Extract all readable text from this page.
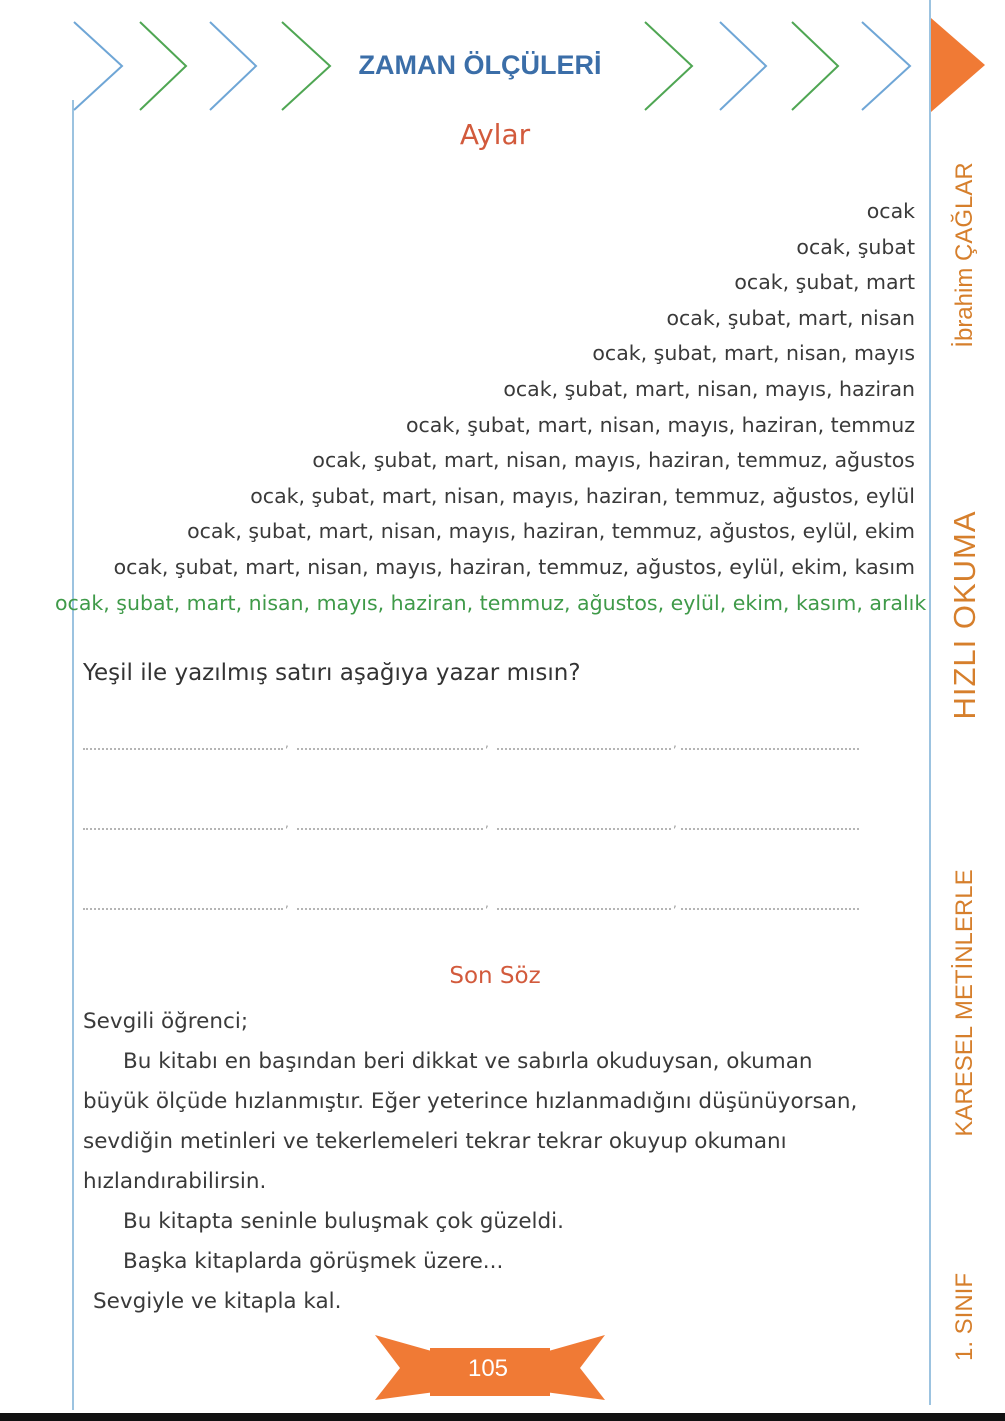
ZAMAN ÖLÇÜLERİ
Aylar
ocak
ocak, şubat
ocak, şubat, mart
ocak, şubat, mart, nisan
ocak, şubat, mart, nisan, mayıs
ocak, şubat, mart, nisan, mayıs, haziran
ocak, şubat, mart, nisan, mayıs, haziran, temmuz
ocak, şubat, mart, nisan, mayıs, haziran, temmuz, ağustos
ocak, şubat, mart, nisan, mayıs, haziran, temmuz, ağustos, eylül
ocak, şubat, mart, nisan, mayıs, haziran, temmuz, ağustos, eylül, ekim
ocak, şubat, mart, nisan, mayıs, haziran, temmuz, ağustos, eylül, ekim, kasım
ocak, şubat, mart, nisan, mayıs, haziran, temmuz, ağustos, eylül, ekim, kasım, aralık
Yeşil ile yazılmış satırı aşağıya yazar mısın?
,	,	,
,	,	,
,	,	,
Son Söz
Sevgili öğrenci;
Bu kitabı en başından beri dikkat ve sabırla okuduysan, okuman
büyük ölçüde hızlanmıştır. Eğer yeterince hızlanmadığını düşünüyorsan,
sevdiğin metinleri ve tekerlemeleri tekrar tekrar okuyup okumanı
hızlandırabilirsin.
Bu kitapta seninle buluşmak çok güzeldi.
Başka kitaplarda görüşmek üzere...
Sevgiyle ve kitapla kal.
İbrahim ÇAĞLAR
HIZLI OKUMA
KARESEL METİNLERLE
1. SINIF
105
